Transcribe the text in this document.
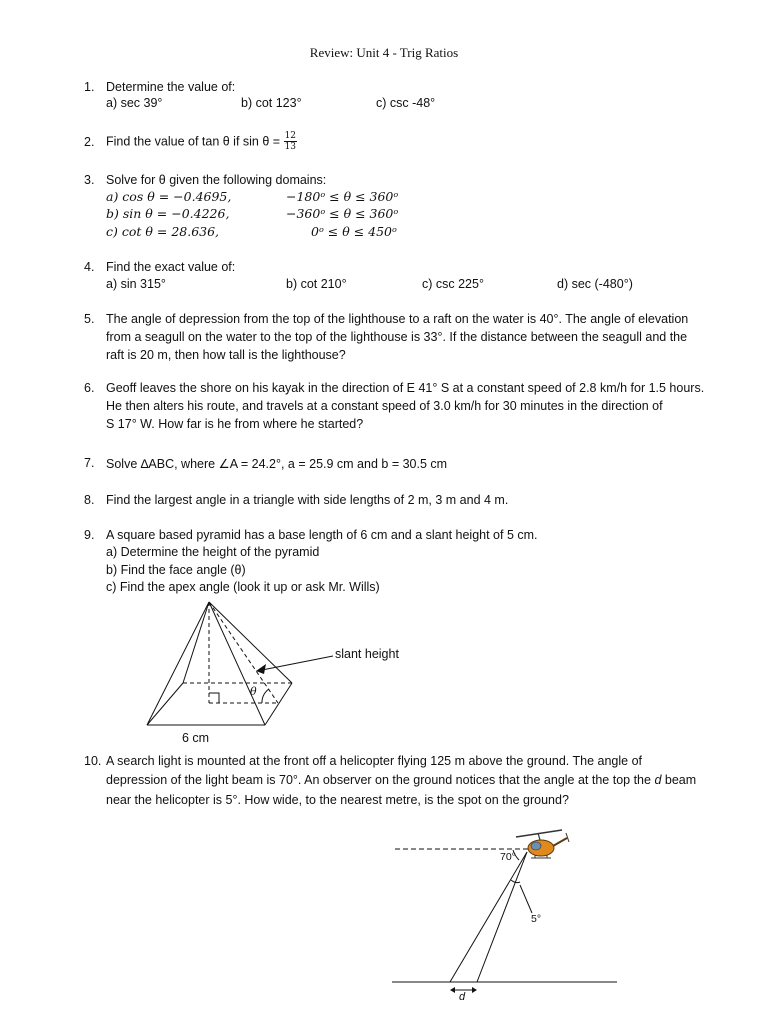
Review: Unit 4 - Trig Ratios
1. Determine the value of:
a) sec 39°	b) cot 123°	c) csc -48°
2. Find the value of tan θ if $\sin \theta = \frac{12}{13}$
3. Solve for θ given the following domains:
a) cos θ = −0.4695,	−180ᵒ ≤ θ ≤ 360ᵒ
b) sin θ = −0.4226,	−360ᵒ ≤ θ ≤ 360ᵒ
c) cot θ = 28.636,	0ᵒ ≤ θ ≤ 450ᵒ
4. Find the exact value of:
a) sin 315°	b) cot 210°	c) csc 225°	d) sec (-480°)
5. The angle of depression from the top of the lighthouse to a raft on the water is 40°. The angle of elevation
from a seagull on the water to the top of the lighthouse is 33°. If the distance between the seagull and the
raft is 20 m, then how tall is the lighthouse?
6. Geoff leaves the shore on his kayak in the direction of E 41° S at a constant speed of 2.8 km/h for 1.5 hours.
He then alters his route, and travels at a constant speed of 3.0 km/h for 30 minutes in the direction of
S 17° W. How far is he from where he started?
7. Solve ∆ABC, where ∠A = 24.2°, a = 25.9 cm and b = 30.5 cm
8. Find the largest angle in a triangle with side lengths of 2 m, 3 m and 4 m.
9. A square based pyramid has a base length of 6 cm and a slant height of 5 cm.
a) Determine the height of the pyramid
b) Find the face angle (θ)
c) Find the apex angle (look it up or ask Mr. Wills)
slant height
θ
6 cm
10. A search light is mounted at the front off a helicopter flying 125 m above the ground. The angle of
depression of the light beam is 70°. An observer on the ground notices that the angle at the top the d beam
near the helicopter is 5°. How wide, to the nearest metre, is the spot on the ground?
70°
5°
d
